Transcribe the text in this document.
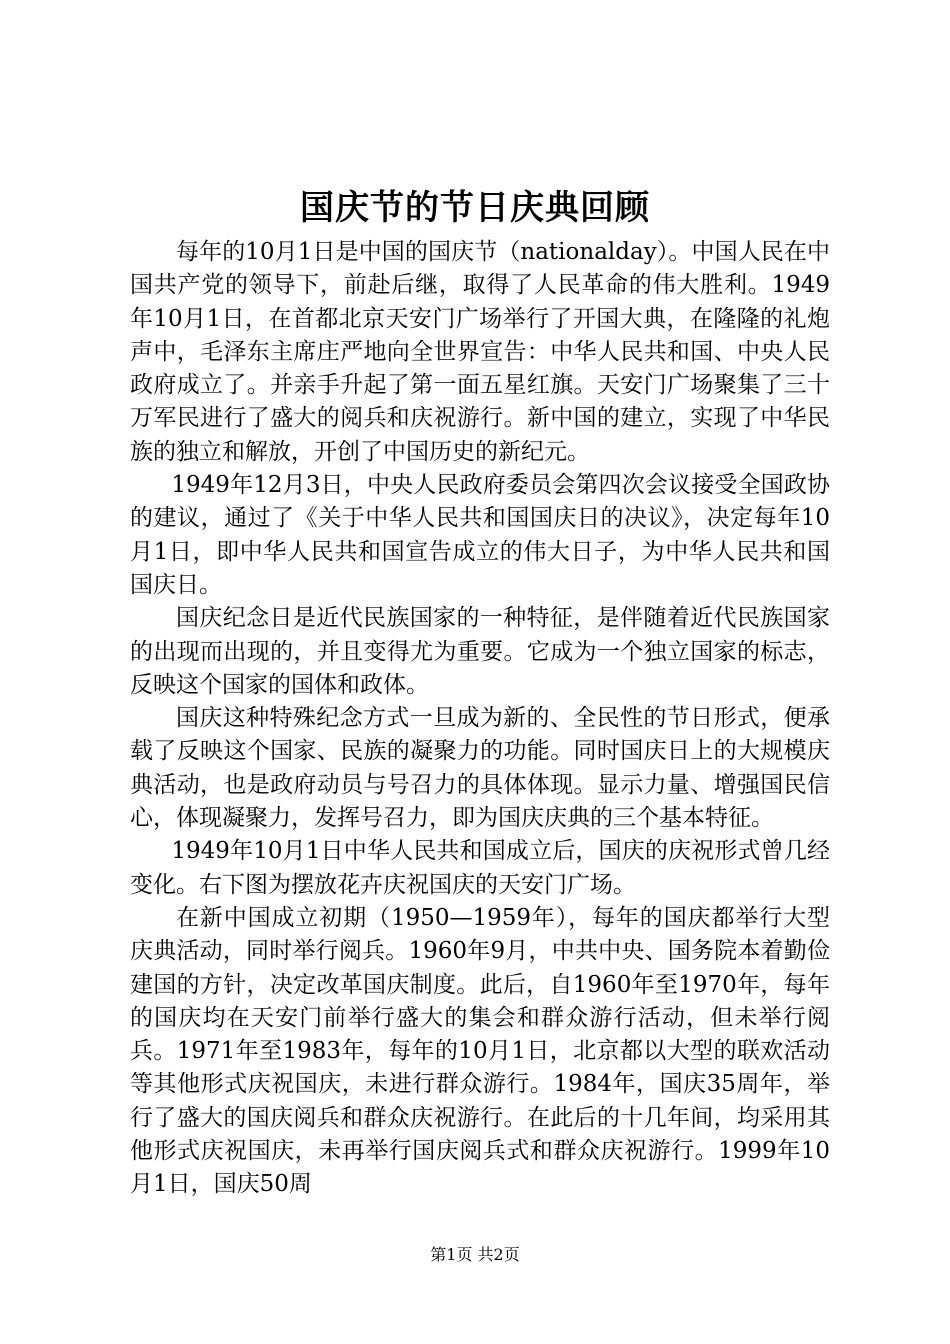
国庆节的节日庆典回顾

每年的10月1日是中国的国庆节（nationalday）。中国人民在中国共产党的领导下，前赴后继，取得了人民革命的伟大胜利。1949年10月1日，在首都北京天安门广场举行了开国大典，在隆隆的礼炮声中，毛泽东主席庄严地向全世界宣告：中华人民共和国、中央人民政府成立了。并亲手升起了第一面五星红旗。天安门广场聚集了三十万军民进行了盛大的阅兵和庆祝游行。新中国的建立，实现了中华民族的独立和解放，开创了中国历史的新纪元。

1949年12月3日，中央人民政府委员会第四次会议接受全国政协的建议，通过了《关于中华人民共和国国庆日的决议》，决定每年10月1日，即中华人民共和国宣告成立的伟大日子，为中华人民共和国国庆日。

国庆纪念日是近代民族国家的一种特征，是伴随着近代民族国家的出现而出现的，并且变得尤为重要。它成为一个独立国家的标志，反映这个国家的国体和政体。

国庆这种特殊纪念方式一旦成为新的、全民性的节日形式，便承载了反映这个国家、民族的凝聚力的功能。同时国庆日上的大规模庆典活动，也是政府动员与号召力的具体体现。显示力量、增强国民信心，体现凝聚力，发挥号召力，即为国庆庆典的三个基本特征。

1949年10月1日中华人民共和国成立后，国庆的庆祝形式曾几经变化。右下图为摆放花卉庆祝国庆的天安门广场。

在新中国成立初期（1950—1959年），每年的国庆都举行大型庆典活动，同时举行阅兵。1960年9月，中共中央、国务院本着勤俭建国的方针，决定改革国庆制度。此后，自1960年至1970年，每年的国庆均在天安门前举行盛大的集会和群众游行活动，但未举行阅兵。1971年至1983年，每年的10月1日，北京都以大型的联欢活动等其他形式庆祝国庆，未进行群众游行。1984年，国庆35周年，举行了盛大的国庆阅兵和群众庆祝游行。在此后的十几年间，均采用其他形式庆祝国庆，未再举行国庆阅兵式和群众庆祝游行。1999年10月1日，国庆50周

第1页 共2页
